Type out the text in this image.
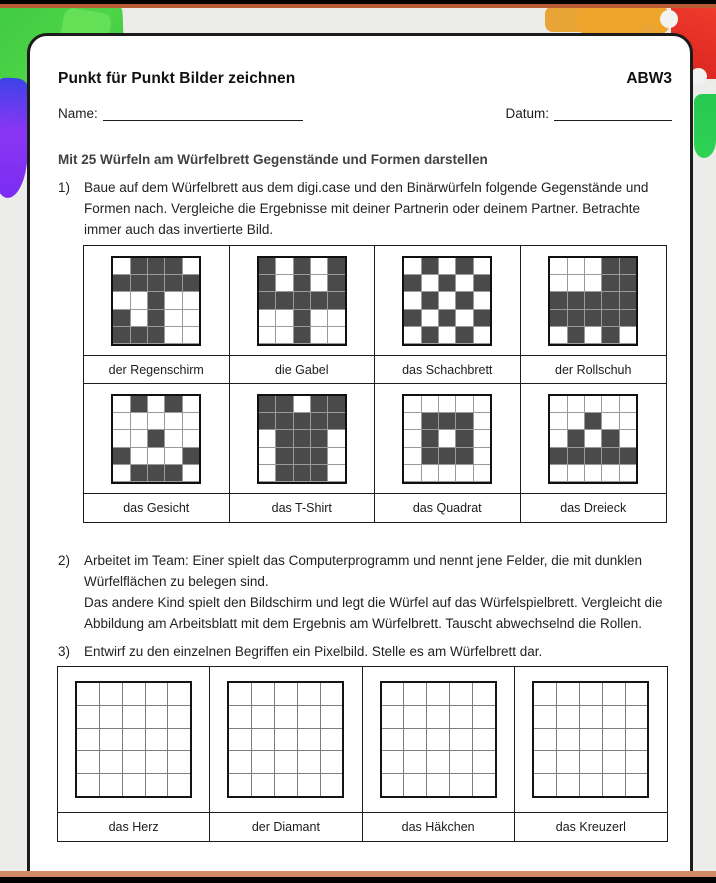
Punkt für Punkt Bilder zeichnen	ABW3
Name:	Datum:
Mit 25 Würfeln am Würfelbrett Gegenstände und Formen darstellen
1)	Baue auf dem Würfelbrett aus dem digi.case und den Binärwürfeln folgende Gegenstände und Formen nach. Vergleiche die Ergebnisse mit deiner Partnerin oder deinem Partner. Betrachte immer auch das invertierte Bild.
der Regenschirm	die Gabel	das Schachbrett	der Rollschuh
das Gesicht	das T-Shirt	das Quadrat	das Dreieck
2)	Arbeitet im Team: Einer spielt das Computerprogramm und nennt jene Felder, die mit dunklen Würfelflächen zu belegen sind.
Das andere Kind spielt den Bildschirm und legt die Würfel auf das Würfelspielbrett. Vergleicht die Abbildung am Arbeitsblatt mit dem Ergebnis am Würfelbrett. Tauscht abwechselnd die Rollen.
3)	Entwirf zu den einzelnen Begriffen ein Pixelbild. Stelle es am Würfelbrett dar.
das Herz	der Diamant	das Häkchen	das Kreuzerl
